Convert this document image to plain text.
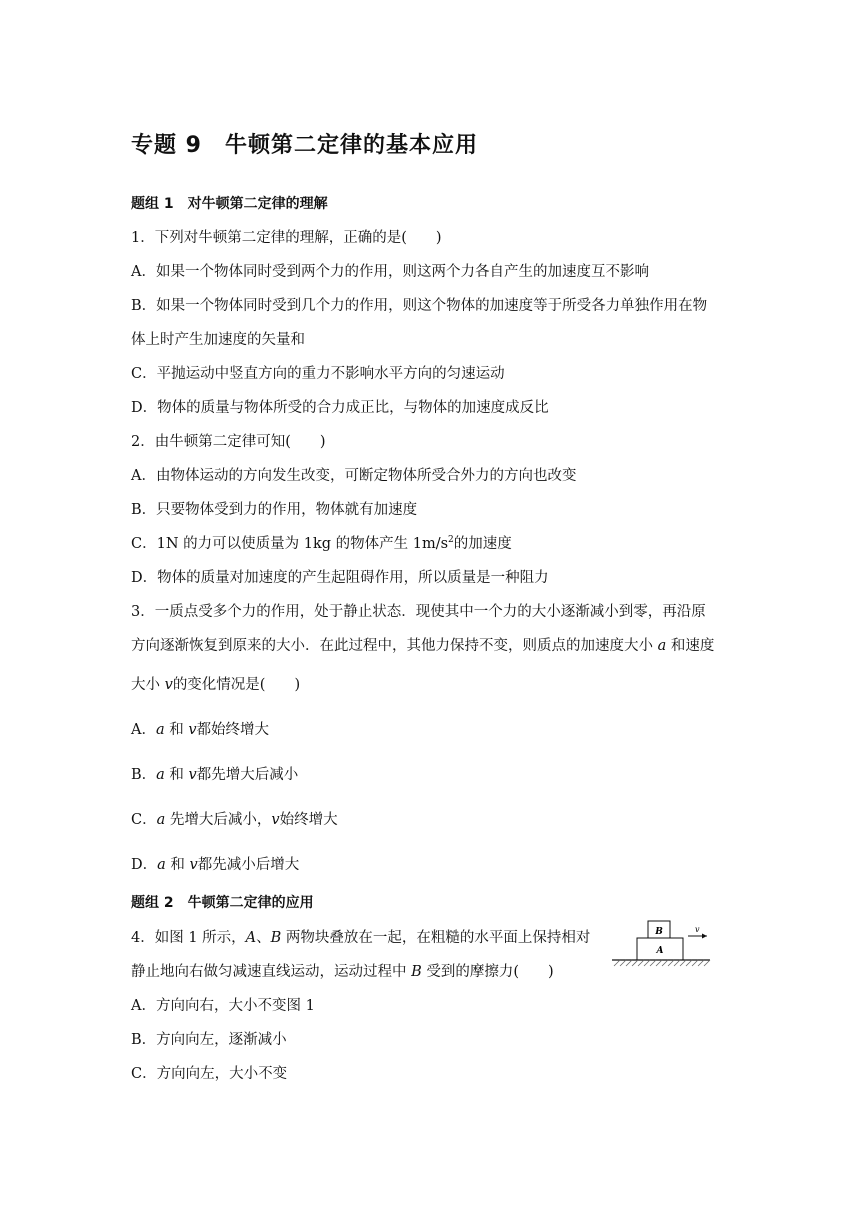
专题 9　牛顿第二定律的基本应用
题组 1　对牛顿第二定律的理解
1．下列对牛顿第二定律的理解，正确的是(　　)
A．如果一个物体同时受到两个力的作用，则这两个力各自产生的加速度互不影响
B．如果一个物体同时受到几个力的作用，则这个物体的加速度等于所受各力单独作用在物
体上时产生加速度的矢量和
C．平抛运动中竖直方向的重力不影响水平方向的匀速运动
D．物体的质量与物体所受的合力成正比，与物体的加速度成反比
2．由牛顿第二定律可知(　　)
A．由物体运动的方向发生改变，可断定物体所受合外力的方向也改变
B．只要物体受到力的作用，物体就有加速度
C．1N 的力可以使质量为 1kg 的物体产生 $1m/s^2$的加速度
D．物体的质量对加速度的产生起阻碍作用，所以质量是一种阻力
3．一质点受多个力的作用，处于静止状态．现使其中一个力的大小逐渐减小到零，再沿原
方向逐渐恢复到原来的大小．在此过程中，其他力保持不变，则质点的加速度大小 a 和速度
大小 v的变化情况是(　　)
A．a 和 v都始终增大
B．a 和 v都先增大后减小
C．a 先增大后减小，v始终增大
D．a 和 v都先减小后增大
题组 2　牛顿第二定律的应用
4．如图 1 所示，A、B 两物块叠放在一起，在粗糙的水平面上保持相对
静止地向右做匀减速直线运动，运动过程中 B 受到的摩擦力(　　)
A．方向向右，大小不变图 1
B．方向向左，逐渐减小
C．方向向左，大小不变
B
A
v
